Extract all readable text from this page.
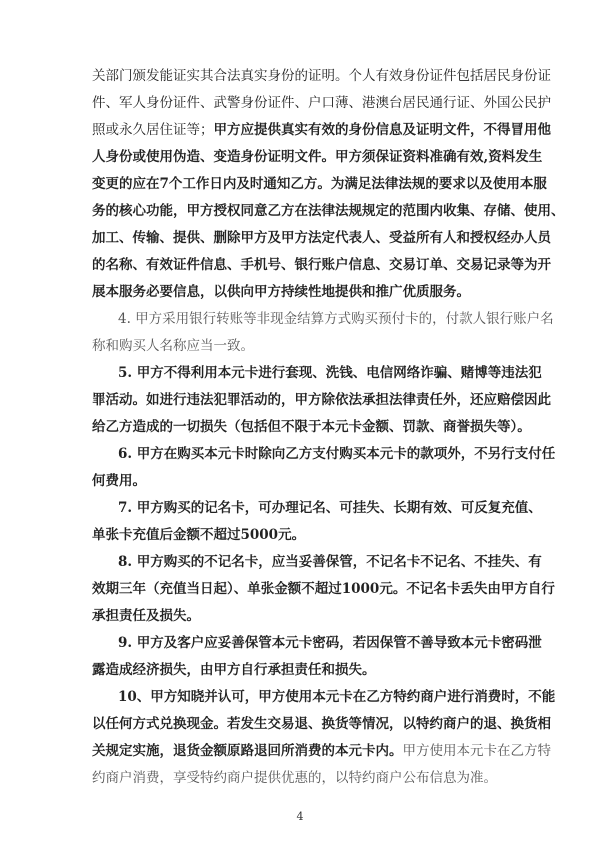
关部门颁发能证实其合法真实身份的证明。个人有效身份证件包括居民身份证
件、军人身份证件、武警身份证件、户口薄、港澳台居民通行证、外国公民护
照或永久居住证等；甲方应提供真实有效的身份信息及证明文件，不得冒用他
人身份或使用伪造、变造身份证明文件。甲方须保证资料准确有效,资料发生
变更的应在7个工作日内及时通知乙方。为满足法律法规的要求以及使用本服
务的核心功能，甲方授权同意乙方在法律法规规定的范围内收集、存储、使用、
加工、传输、提供、删除甲方及甲方法定代表人、受益所有人和授权经办人员
的名称、有效证件信息、手机号、银行账户信息、交易订单、交易记录等为开
展本服务必要信息，以供向甲方持续性地提供和推广优质服务。
4. 甲方采用银行转账等非现金结算方式购买预付卡的，付款人银行账户名
称和购买人名称应当一致。
5. 甲方不得利用本元卡进行套现、洗钱、电信网络诈骗、赌博等违法犯
罪活动。如进行违法犯罪活动的，甲方除依法承担法律责任外，还应赔偿因此
给乙方造成的一切损失（包括但不限于本元卡金额、罚款、商誉损失等）。
6. 甲方在购买本元卡时除向乙方支付购买本元卡的款项外，不另行支付任
何费用。
7. 甲方购买的记名卡，可办理记名、可挂失、长期有效、可反复充值、
单张卡充值后金额不超过5000元。
8. 甲方购买的不记名卡，应当妥善保管，不记名卡不记名、不挂失、有
效期三年（充值当日起）、单张金额不超过1000元。不记名卡丢失由甲方自行
承担责任及损失。
9. 甲方及客户应妥善保管本元卡密码，若因保管不善导致本元卡密码泄
露造成经济损失，由甲方自行承担责任和损失。
10、甲方知晓并认可，甲方使用本元卡在乙方特约商户进行消费时，不能
以任何方式兑换现金。若发生交易退、换货等情况，以特约商户的退、换货相
关规定实施，退货金额原路退回所消费的本元卡内。甲方使用本元卡在乙方特
约商户消费，享受特约商户提供优惠的，以特约商户公布信息为准。
4
